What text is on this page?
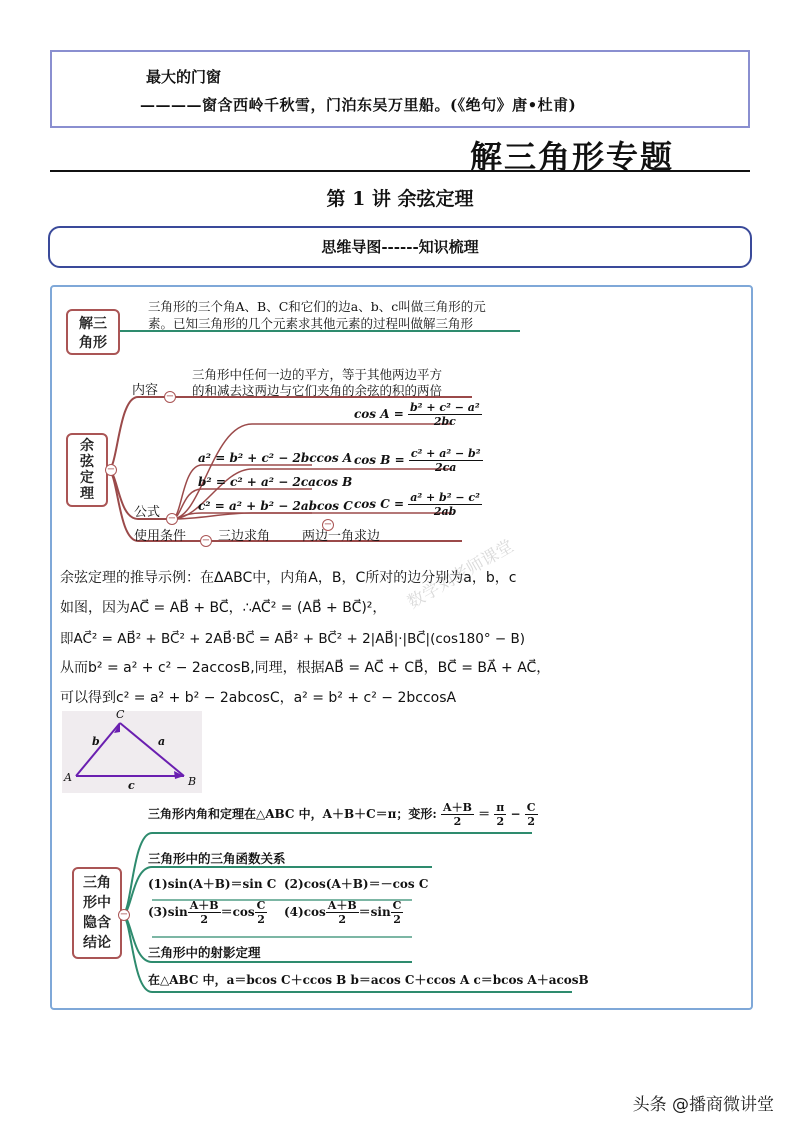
最大的门窗
————窗含西岭千秋雪，门泊东吴万里船。(《绝句》唐•杜甫)
解三角形专题
第 1 讲 余弦定理
思维导图------知识梳理
解三
角形
三角形的三个角A、B、C和它们的边a、b、c叫做三角形的元
素。已知三角形的几个元素求其他元素的过程叫做解三角形
余
弦
定
理
−
内容 −
三角形中任何一边的平方，等于其他两边平方
的和减去这两边与它们夹角的余弦的积的两倍
公式 −
a² = b² + c² − 2bccos A
b² = c² + a² − 2cacos B
c² = a² + b² − 2abcos C
$\cos A = \frac{\text{b² + c² − a²}}{2bc}$
$\cos B = \frac{\text{c² + a² − b²}}{2ca}$
$\cos C = \frac{\text{a² + b² − c²}}{2ab}$
使用条件 − 三边求角
−
两边一角求边
余弦定理的推导示例：在ΔABC中，内角A，B，C所对的边分别为a，b，c
如图，因为AC⃗ = AB⃗ + BC⃗，∴AC⃗² = (AB⃗ + BC⃗)²，
即AC⃗² = AB⃗² + BC⃗² + 2AB⃗·BC⃗ = AB⃗² + BC⃗² + 2|AB⃗|·|BC⃗|(cos180° − B)
从而b² = a² + c² − 2accosB,同理，根据AB⃗ = AC⃗ + CB⃗，BC⃗ = BA⃗ + AC⃗，
可以得到c² = a² + b² − 2abcosC，a² = b² + c² − 2bccosA
C
A	B
b	a
c
三角
形中
隐含
结论
−
三角形内角和定理在△ABC 中，A＋B＋C＝π；变形: $\frac{A+B}{2} = \frac{\pi}{2} - \frac{C}{2}$
三角形中的三角函数关系
(1)sin(A＋B)＝sin C (2)cos(A＋B)＝－cos C
$(3)\sin \frac{A+B}{2} =\cos \frac{C}{2} (4)\cos \frac{A+B}{2} =\sin \frac{C}{2}$
三角形中的射影定理
在△ABC 中，a＝bcos C＋ccos B b＝acos C＋ccos A c＝bcos A＋acosB
数学刘老师课堂
头条 @播商微讲堂
